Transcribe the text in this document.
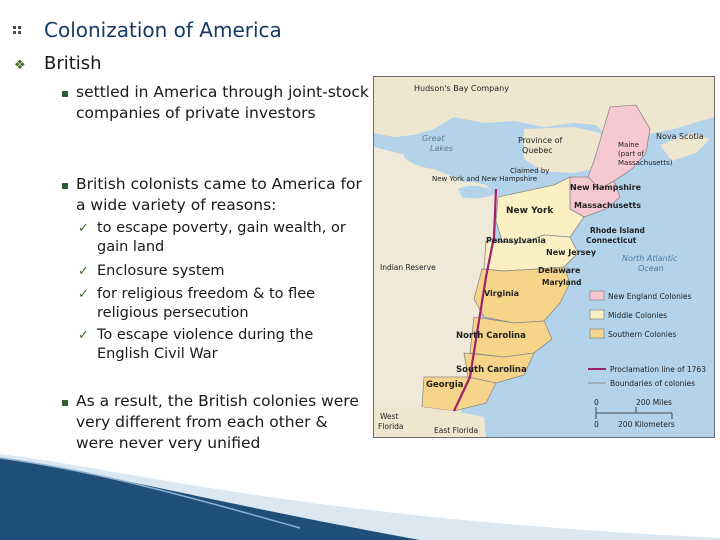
Colonization of America
❖ British
settled in America through joint-stock companies of private investors
British colonists came to America for a wide variety of reasons:
✓ to escape poverty, gain wealth, or gain land
✓ Enclosure system
✓ for religious freedom & to flee religious persecution
✓ To escape violence during the English Civil War
As a result, the British colonies were very different from each other & were never very unified
Hudson's Bay Company
Great
Lakes
Province of
Quebec
Maine
(part of
Massachusetts)
Nova Scotia
Claimed by
New York and New Hampshire
New Hampshire
Massachusetts
New York
Rhode Island
Connecticut
Pennsylvania
New Jersey
North Atlantic
Ocean
Indian Reserve	Delaware
Maryland
Virginia
North Carolina
South Carolina
Georgia
West
Florida	East Florida
New England Colonies
Middle Colonies
Southern Colonies
Proclamation line of 1763
Boundaries of colonies
0	200 Miles
0	200 Kilometers
